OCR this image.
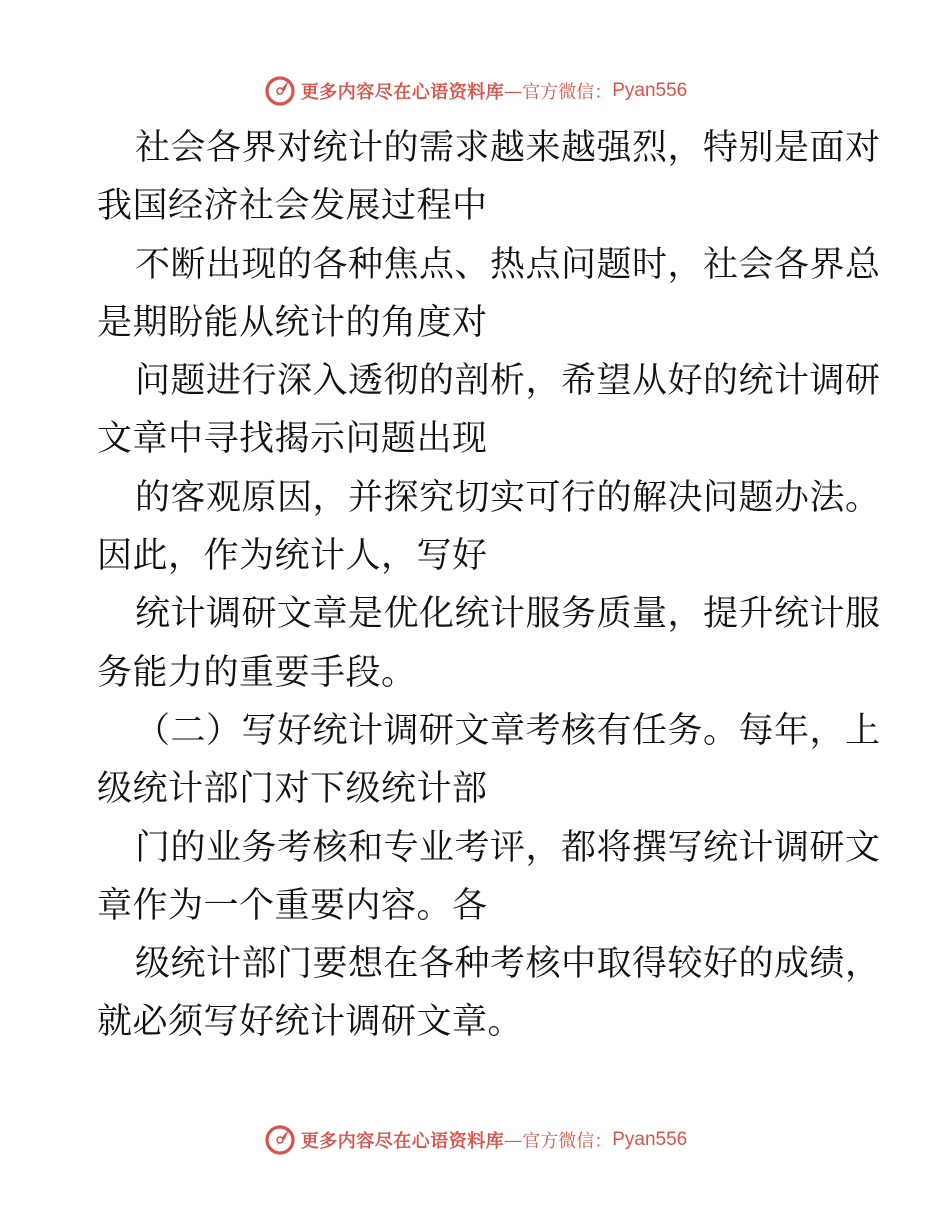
更多内容尽在心语资料库 — 官方微信： Pyan556
社会各界对统计的需求越来越强烈，特别是面对
我国经济社会发展过程中
不断出现的各种焦点、热点问题时，社会各界总
是期盼能从统计的角度对
问题进行深入透彻的剖析，希望从好的统计调研
文章中寻找揭示问题出现
的客观原因，并探究切实可行的解决问题办法。
因此，作为统计人，写好
统计调研文章是优化统计服务质量，提升统计服
务能力的重要手段。
（二）写好统计调研文章考核有任务。每年，上
级统计部门对下级统计部
门的业务考核和专业考评，都将撰写统计调研文
章作为一个重要内容。各
级统计部门要想在各种考核中取得较好的成绩，
就必须写好统计调研文章。
更多内容尽在心语资料库 — 官方微信： Pyan556
